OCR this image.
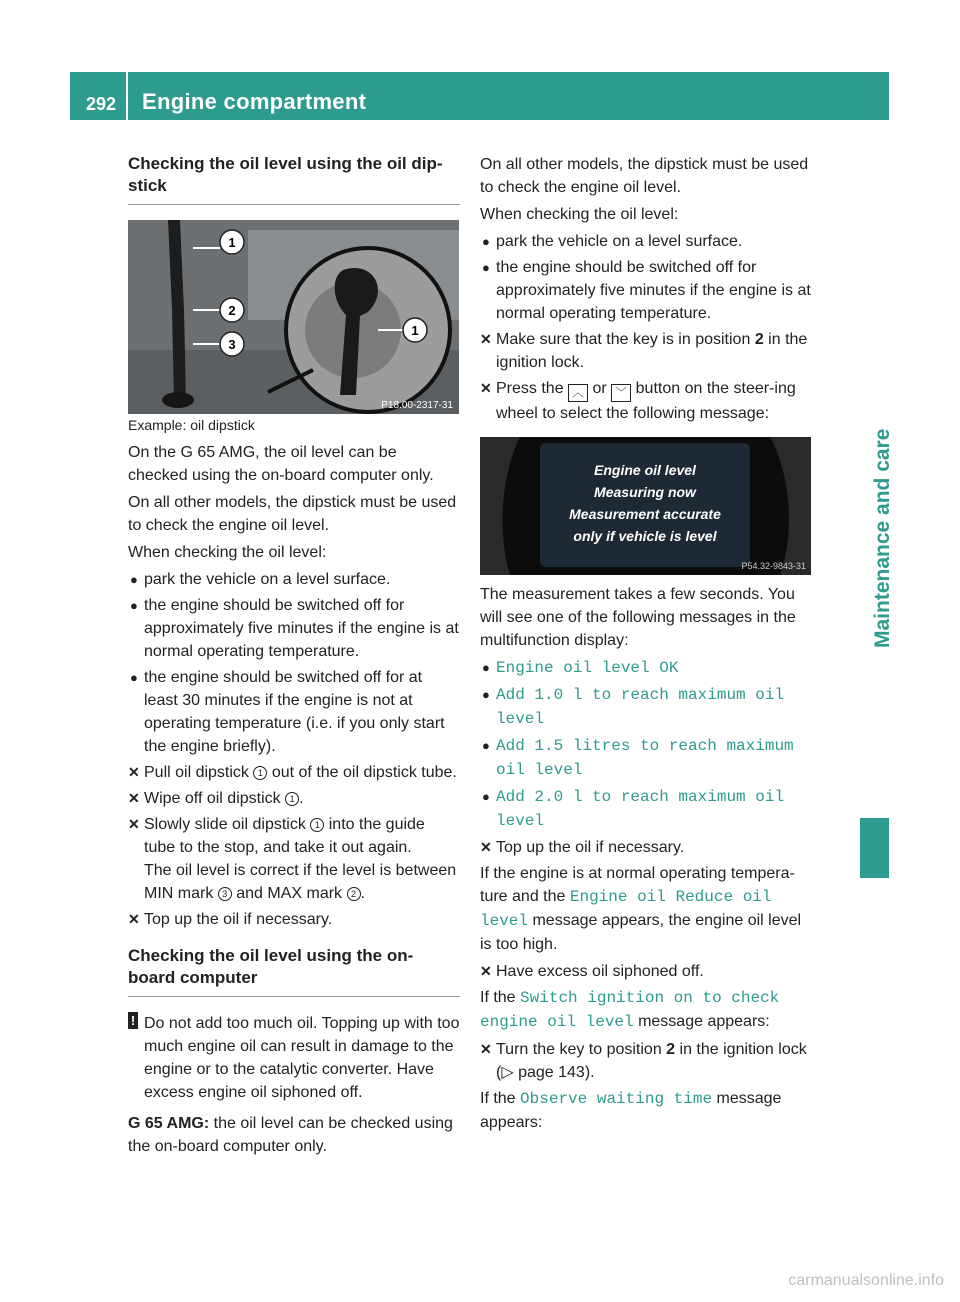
292 Engine compartment
Maintenance and care
Checking the oil level using the oil dip-stick
1
2
3
1
P18.00-2317-31

Example: oil dipstick

On the G 65 AMG, the oil level can be checked using the on-board computer only.

On all other models, the dipstick must be used to check the engine oil level.

When checking the oil level:

● park the vehicle on a level surface.
● the engine should be switched off for approximately five minutes if the engine is at normal operating temperature.
● the engine should be switched off for at least 30 minutes if the engine is not at operating temperature (i.e. if you only start the engine briefly).
✕ Pull oil dipstick 1 out of the oil dipstick tube.
✕ Wipe off oil dipstick 1 .
✕ Slowly slide oil dipstick 1 into the guide tube to the stop, and take it out again.
The oil level is correct if the level is between MIN mark 3 and MAX mark 2 .
✕ Top up the oil if necessary.
Checking the oil level using the on-board computer
! Do not add too much oil. Topping up with too much engine oil can result in damage to the engine or to the catalytic converter. Have excess engine oil siphoned off.

G 65 AMG: the oil level can be checked using the on-board computer only.

On all other models, the dipstick must be used to check the engine oil level.

When checking the oil level:

● park the vehicle on a level surface.
● the engine should be switched off for approximately five minutes if the engine is at normal operating temperature.
✕ Make sure that the key is in position 2 in the ignition lock.
✕ Press the ︿ or ﹀ button on the steer-ing wheel to select the following message:
Engine oil level
Measuring now
Measurement accurate
only if vehicle is level
P54.32-9843-31

The measurement takes a few seconds. You will see one of the following messages in the multifunction display:

● Engine oil level OK
● Add 1.0 l to reach maximum oil level
● Add 1.5 litres to reach maximum oil level
● Add 2.0 l to reach maximum oil level
✕ Top up the oil if necessary.

If the engine is at normal operating tempera-ture and the Engine oil Reduce oil level message appears, the engine oil level is too high.

✕ Have excess oil siphoned off.

If the Switch ignition on to check engine oil level message appears:

✕ Turn the key to position 2 in the ignition lock (▷ page 143).

If the Observe waiting time message appears:

carmanualsonline.info
